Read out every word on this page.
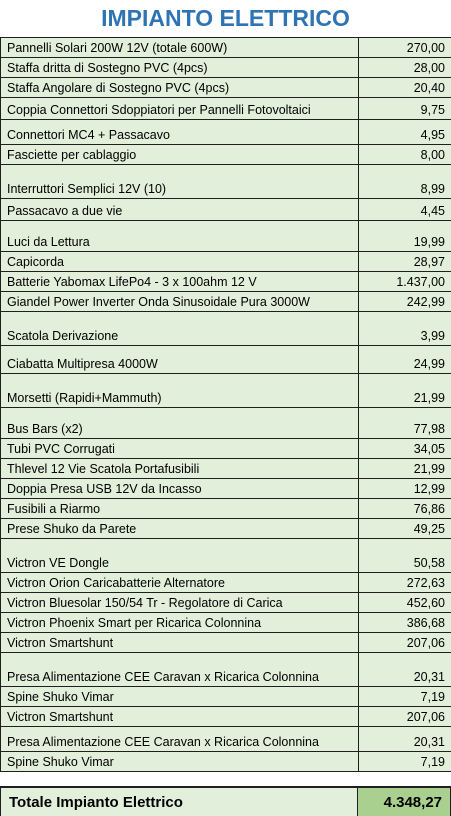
IMPIANTO ELETTRICO
Pannelli Solari 200W 12V (totale 600W)	270,00
Staffa dritta di Sostegno PVC (4pcs)	28,00
Staffa Angolare di Sostegno PVC (4pcs)	20,40
Coppia Connettori Sdoppiatori per Pannelli Fotovoltaici	9,75
Connettori MC4 + Passacavo	4,95
Fasciette per cablaggio	8,00
Interruttori Semplici 12V (10)	8,99
Passacavo a due vie	4,45
Luci da Lettura	19,99
Capicorda	28,97
Batterie Yabomax LifePo4 - 3 x 100ahm 12 V	1.437,00
Giandel Power Inverter Onda Sinusoidale Pura 3000W	242,99
Scatola Derivazione	3,99
Ciabatta Multipresa 4000W	24,99
Morsetti (Rapidi+Mammuth)	21,99
Bus Bars (x2)	77,98
Tubi PVC Corrugati	34,05
Thlevel 12 Vie Scatola Portafusibili	21,99
Doppia Presa USB 12V da Incasso	12,99
Fusibili a Riarmo	76,86
Prese Shuko da Parete	49,25
Victron VE Dongle	50,58
Victron Orion Caricabatterie Alternatore	272,63
Victron Bluesolar 150/54 Tr - Regolatore di Carica	452,60
Victron Phoenix Smart per Ricarica Colonnina	386,68
Victron Smartshunt	207,06
Presa Alimentazione CEE Caravan x Ricarica Colonnina	20,31
Spine Shuko Vimar	7,19
Victron Smartshunt	207,06
Presa Alimentazione CEE Caravan x Ricarica Colonnina	20,31
Spine Shuko Vimar	7,19
Totale Impianto Elettrico	4.348,27
